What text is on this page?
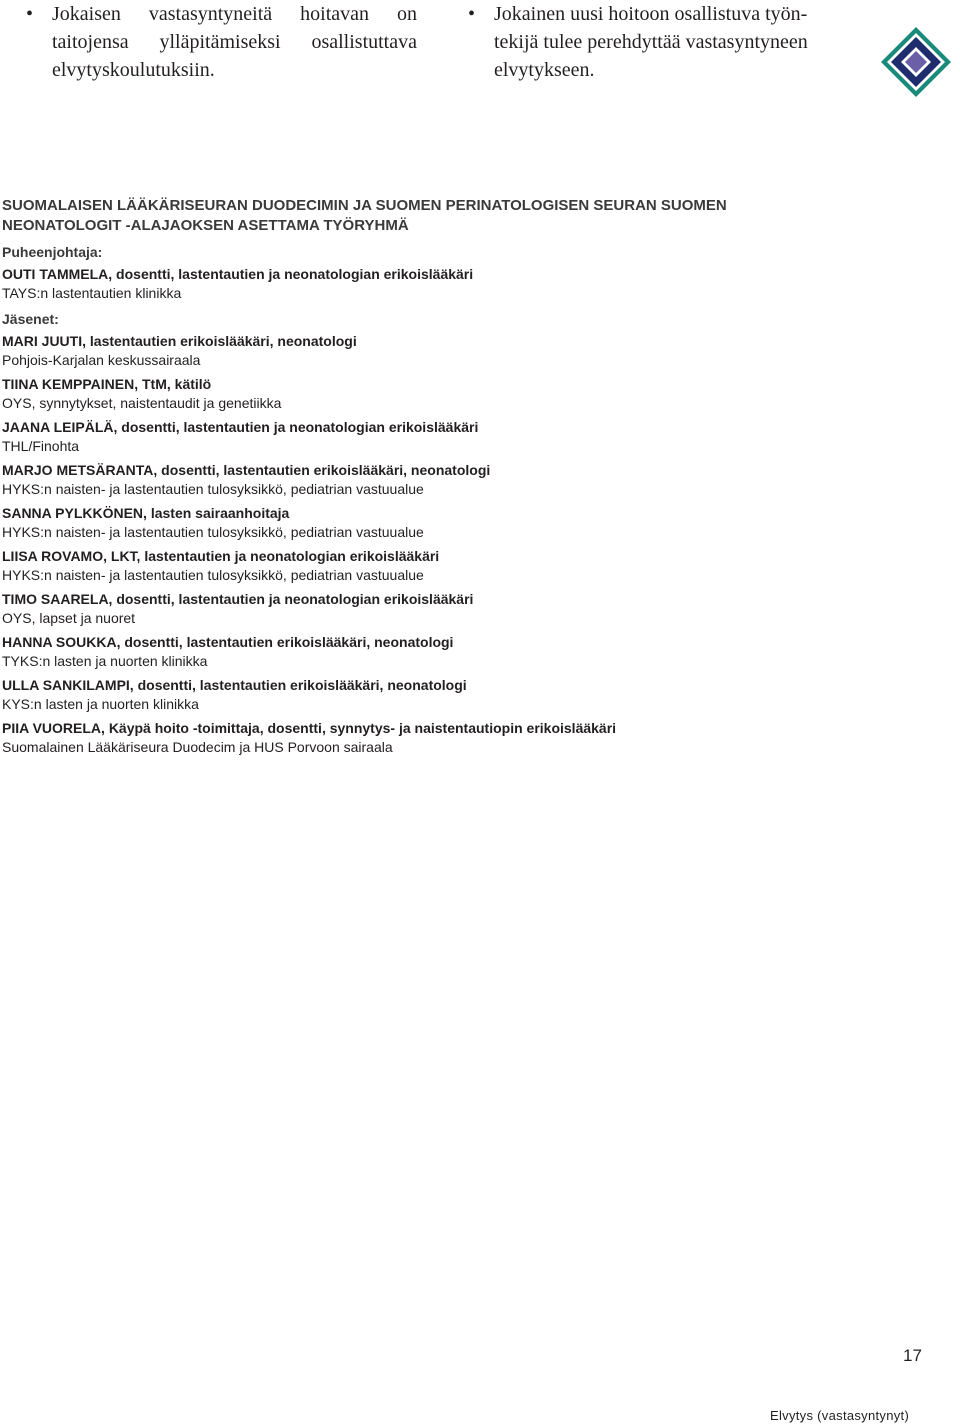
• Jokaisen vastasyntyneitä hoitavan on taitojensa ylläpitämiseksi osallistuttava elvytyskoulutuksiin.
• Jokainen uusi hoitoon osallistuva työn-
tekijä tulee perehdyttää vastasyntyneen
elvytykseen.
SUOMALAISEN LÄÄKÄRISEURAN DUODECIMIN JA SUOMEN PERINATOLOGISEN SEURAN SUOMEN
NEONATOLOGIT -ALAJAOKSEN ASETTAMA TYÖRYHMÄ
Puheenjohtaja:
OUTI TAMMELA, dosentti, lastentautien ja neonatologian erikoislääkäri
TAYS:n lastentautien klinikka
Jäsenet:
MARI JUUTI, lastentautien erikoislääkäri, neonatologi
Pohjois-Karjalan keskussairaala
TIINA KEMPPAINEN, TtM, kätilö
OYS, synnytykset, naistentaudit ja genetiikka
JAANA LEIPÄLÄ, dosentti, lastentautien ja neonatologian erikoislääkäri
THL/Finohta
MARJO METSÄRANTA, dosentti, lastentautien erikoislääkäri, neonatologi
HYKS:n naisten- ja lastentautien tulosyksikkö, pediatrian vastuualue
SANNA PYLKKÖNEN, lasten sairaanhoitaja
HYKS:n naisten- ja lastentautien tulosyksikkö, pediatrian vastuualue
LIISA ROVAMO, LKT, lastentautien ja neonatologian erikoislääkäri
HYKS:n naisten- ja lastentautien tulosyksikkö, pediatrian vastuualue
TIMO SAARELA, dosentti, lastentautien ja neonatologian erikoislääkäri
OYS, lapset ja nuoret
HANNA SOUKKA, dosentti, lastentautien erikoislääkäri, neonatologi
TYKS:n lasten ja nuorten klinikka
ULLA SANKILAMPI, dosentti, lastentautien erikoislääkäri, neonatologi
KYS:n lasten ja nuorten klinikka
PIIA VUORELA, Käypä hoito -toimittaja, dosentti, synnytys- ja naistentautiopin erikoislääkäri
Suomalainen Lääkäriseura Duodecim ja HUS Porvoon sairaala
17
Elvytys (vastasyntynyt)
